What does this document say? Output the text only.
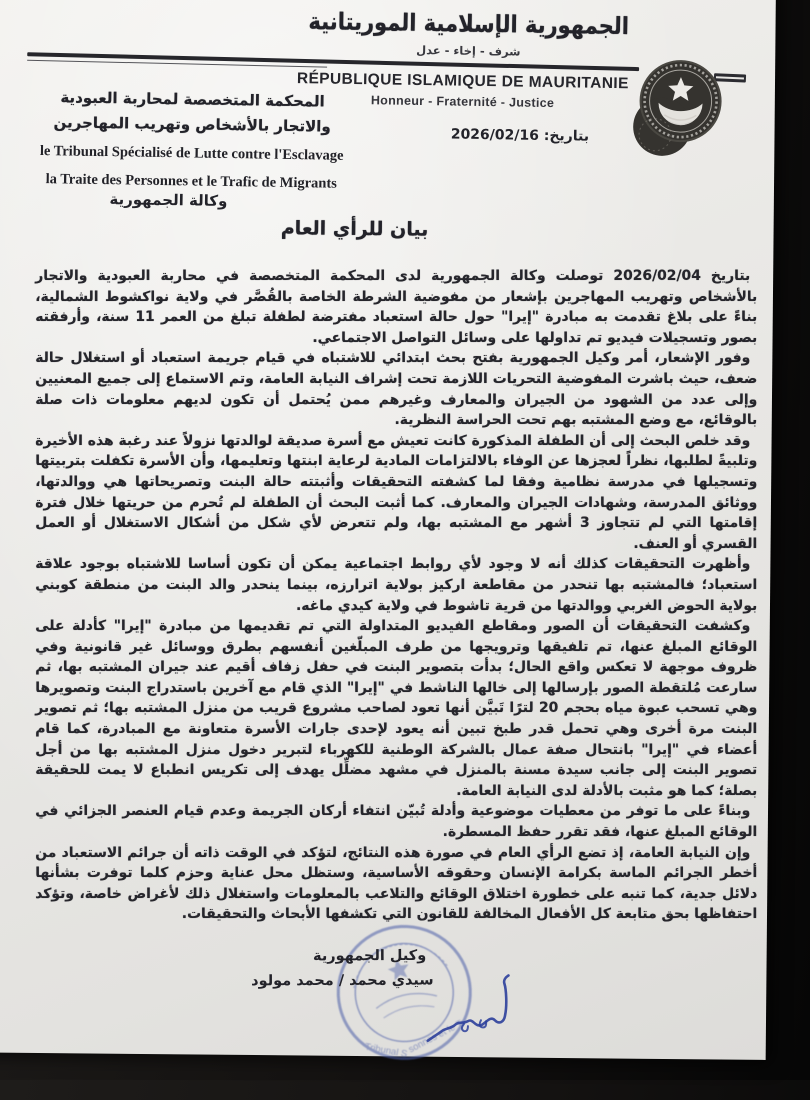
الجمهورية الإسلامية الموريتانية
شرف - إخاء - عدل
RÉPUBLIQUE ISLAMIQUE DE MAURITANIE
Honneur - Fraternité - Justice
المحكمة المتخصصة لمحاربة العبودية
والاتجار بالأشخاص وتهريب المهاجرين	بتاريخ: 2026/02/16
le Tribunal Spécialisé de Lutte contre l'Esclavage
la Traite des Personnes et le Trafic de Migrants
وكالة الجمهورية
بيان للرأي العام

بتاريخ 2026/02/04 توصلت وكالة الجمهورية لدى المحكمة المتخصصة في محاربة العبودية والاتجار بالأشخاص وتهريب المهاجرين بإشعار من مفوضية الشرطة الخاصة بالقُصَّر في ولاية نواكشوط الشمالية، بناءً على بلاغ تقدمت به مبادرة "إيرا" حول حالة استعباد مفترضة لطفلة تبلغ من العمر 11 سنة، وأرفقته بصور وتسجيلات فيديو تم تداولها على وسائل التواصل الاجتماعي.

وفور الإشعار، أمر وكيل الجمهورية بفتح بحث ابتدائي للاشتباه في قيام جريمة استعباد أو استغلال حالة ضعف، حيث باشرت المفوضية التحريات اللازمة تحت إشراف النيابة العامة، وتم الاستماع إلى جميع المعنيين وإلى عدد من الشهود من الجيران والمعارف وغيرهم ممن يُحتمل أن تكون لديهم معلومات ذات صلة بالوقائع، مع وضع المشتبه بهم تحت الحراسة النظرية.

وقد خلص البحث إلى أن الطفلة المذكورة كانت تعيش مع أسرة صديقة لوالدتها نزولاً عند رغبة هذه الأخيرة وتلبيةً لطلبها، نظراً لعجزها عن الوفاء بالالتزامات المادية لرعاية ابنتها وتعليمها، وأن الأسرة تكفلت بتربيتها وتسجيلها في مدرسة نظامية وفقا لما كشفته التحقيقات وأثبتته حالة البنت وتصريحاتها هي ووالدتها، ووثائق المدرسة، وشهادات الجيران والمعارف. كما أثبت البحث أن الطفلة لم تُحرم من حريتها خلال فترة إقامتها التي لم تتجاوز 3 أشهر مع المشتبه بها، ولم تتعرض لأي شكل من أشكال الاستغلال أو العمل القسري أو العنف.

وأظهرت التحقيقات كذلك أنه لا وجود لأي روابط اجتماعية يمكن أن تكون أساسا للاشتباه بوجود علاقة استعباد؛ فالمشتبه بها تنحدر من مقاطعة اركيز بولاية اترارزه، بينما ينحدر والد البنت من منطقة كوبني بولاية الحوض الغربي ووالدتها من قرية تاشوط في ولاية كيدي ماغه.

وكشفت التحقيقات أن الصور ومقاطع الفيديو المتداولة التي تم تقديمها من مبادرة "إيرا" كأدلة على الوقائع المبلغ عنها، تم تلفيقها وترويجها من طرف المبلّغين أنفسهم بطرق ووسائل غير قانونية وفي ظروف موجهة لا تعكس واقع الحال؛ بدأت بتصوير البنت في حفل زفاف أقيم عند جيران المشتبه بها، ثم سارعت مُلتقطة الصور بإرسالها إلى خالها الناشط في "إيرا" الذي قام مع آخرين باستدراج البنت وتصويرها وهي تسحب عبوة مياه بحجم 20 لترًا تَبيَّن أنها تعود لصاحب مشروع قريب من منزل المشتبه بها؛ ثم تصوير البنت مرة أخرى وهي تحمل قدر طبخ تبين أنه يعود لإحدى جارات الأسرة متعاونة مع المبادرة، كما قام أعضاء في "إيرا" بانتحال صفة عمال بالشركة الوطنية للكهرباء لتبرير دخول منزل المشتبه بها من أجل تصوير البنت إلى جانب سيدة مسنة بالمنزل في مشهد مضلِّل يهدف إلى تكريس انطباع لا يمت للحقيقة بصلة؛ كما هو مثبت بالأدلة لدى النيابة العامة.

وبناءً على ما توفر من معطيات موضوعية وأدلة تُبيّن انتفاء أركان الجريمة وعدم قيام العنصر الجزائي في الوقائع المبلغ عنها، فقد تقرر حفظ المسطرة.

وإن النيابة العامة، إذ تضع الرأي العام في صورة هذه النتائج، لتؤكد في الوقت ذاته أن جرائم الاستعباد من أخطر الجرائم الماسة بكرامة الإنسان وحقوقه الأساسية، وستظل محل عناية وحزم كلما توفرت بشأنها دلائل جدية، كما تنبه على خطورة اختلاق الوقائع والتلاعب بالمعلومات واستغلال ذلك لأغراض خاصة، وتؤكد احتفاظها بحق متابعة كل الأفعال المخالفة للقانون التي تكشفها الأبحاث والتحقيقات.

Tribunal S
sonnes et le Tr
وكيل الجمهورية
سيدي محمد / محمد مولود
